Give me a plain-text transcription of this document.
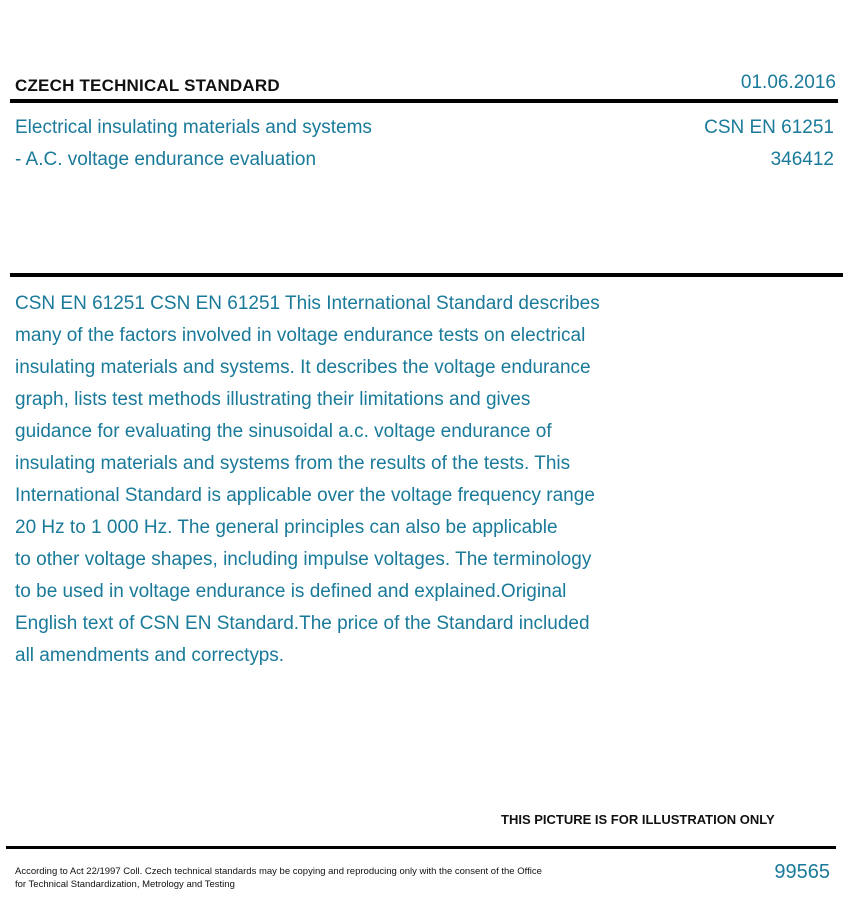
CZECH TECHNICAL STANDARD	01.06.2016
Electrical insulating materials and systems
- A.C. voltage endurance evaluation
CSN EN 61251
346412
CSN EN 61251 CSN EN 61251 This International Standard describes
many of the factors involved in voltage endurance tests on electrical
insulating materials and systems. It describes the voltage endurance
graph, lists test methods illustrating their limitations and gives
guidance for evaluating the sinusoidal a.c. voltage endurance of
insulating materials and systems from the results of the tests. This
International Standard is applicable over the voltage frequency range
20 Hz to 1 000 Hz. The general principles can also be applicable
to other voltage shapes, including impulse voltages. The terminology
to be used in voltage endurance is defined and explained.Original
English text of CSN EN Standard.The price of the Standard included
all amendments and correctурs.
THIS PICTURE IS FOR ILLUSTRATION ONLY
According to Act 22/1997 Coll. Czech technical standards may be copying and reproducing only with the consent of the Office
for Technical Standardization, Metrology and Testing
99565
